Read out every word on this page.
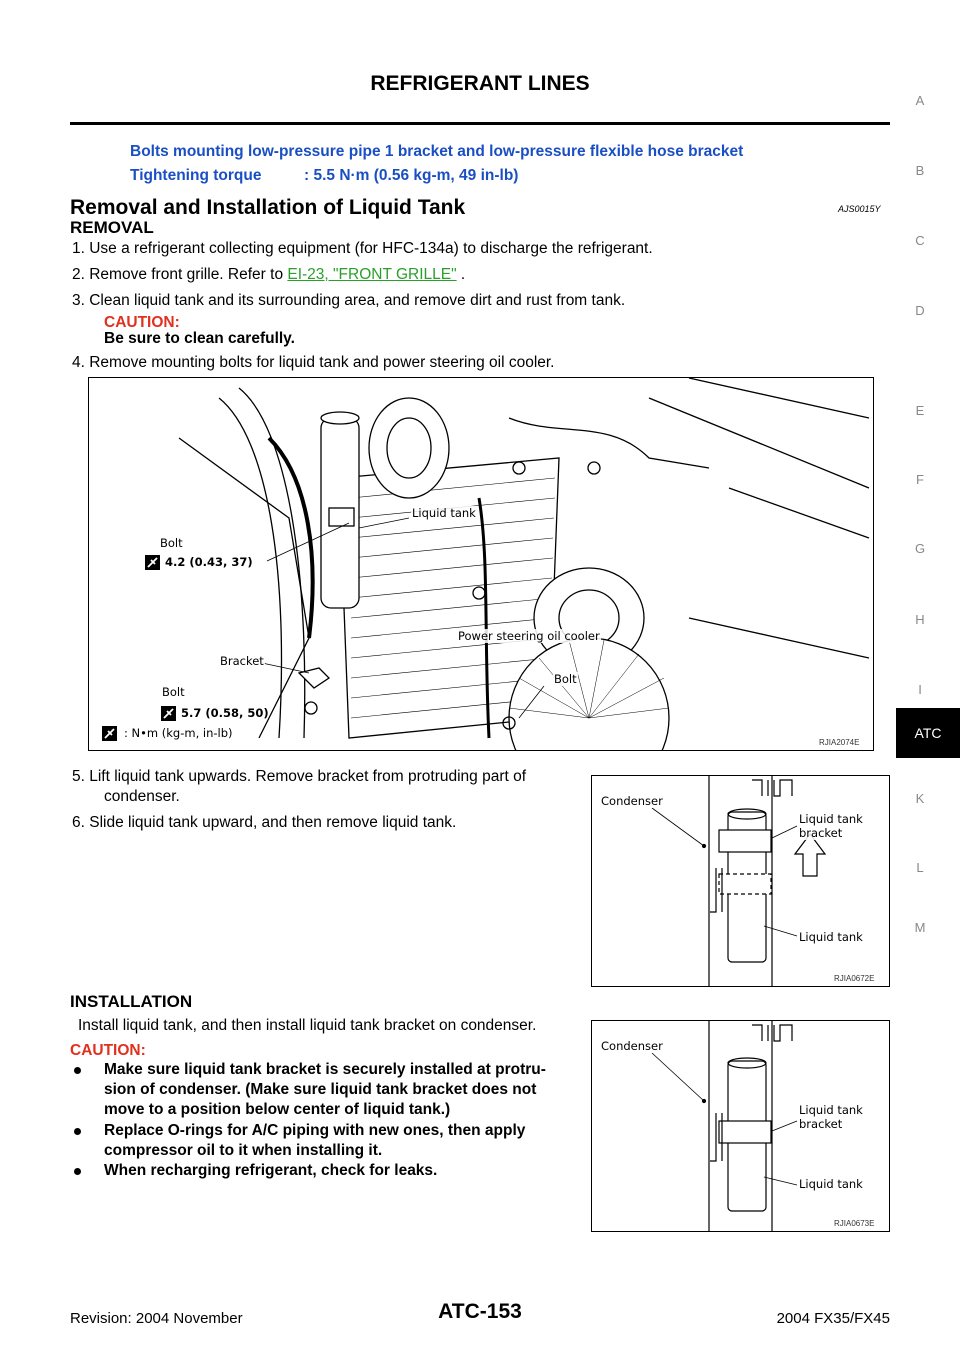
REFRIGERANT LINES
A
B
C
D
E
F
G
H
I
ATC
K
L
M
Bolts mounting low-pressure pipe 1 bracket and low-pressure flexible hose bracket
Tightening torque	: 5.5 N·m (0.56 kg-m, 49 in-lb)
Removal and Installation of Liquid Tank	AJS0015Y
REMOVAL
1. Use a refrigerant collecting equipment (for HFC-134a) to discharge the refrigerant.
2. Remove front grille. Refer to EI-23, "FRONT GRILLE" .
3. Clean liquid tank and its surrounding area, and remove dirt and rust from tank.
CAUTION:
Be sure to clean carefully.
4. Remove mounting bolts for liquid tank and power steering oil cooler.
Bolt
4.2 (0.43, 37)
Liquid tank
Bracket
Power steering oil cooler
Bolt
5.7 (0.58, 50)
Bolt
: N•m (kg-m, in-lb)
RJIA2074E
5. Lift liquid tank upwards. Remove bracket from protruding part of
condenser.
6. Slide liquid tank upward, and then remove liquid tank.
Condenser
Liquid tank
bracket
Liquid tank
RJIA0672E
INSTALLATION
Install liquid tank, and then install liquid tank bracket on condenser.
CAUTION:
Make sure liquid tank bracket is securely installed at protru-
sion of condenser. (Make sure liquid tank bracket does not
move to a position below center of liquid tank.)
Replace O-rings for A/C piping with new ones, then apply
compressor oil to it when installing it.
When recharging refrigerant, check for leaks.
Condenser
Liquid tank
bracket
Liquid tank
RJIA0673E
Revision: 2004 November	ATC-153	2004 FX35/FX45
